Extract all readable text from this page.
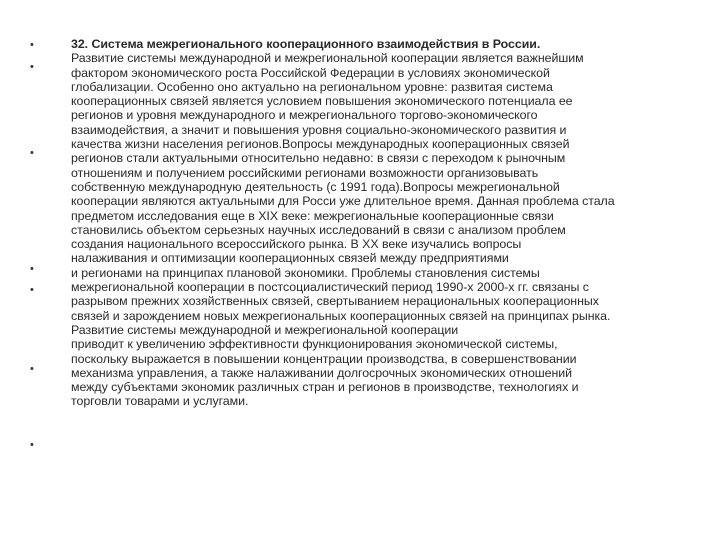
•
•
•
•
•
•
•
32. Система межрегионального кооперационного взаимодействия в России.
Развитие системы международной и межрегиональной кооперации является важнейшим
фактором экономического роста Российской Федерации в условиях экономической
глобализации. Особенно оно актуально на региональном уровне: развитая система
кооперационных связей является условием повышения экономического потенциала ее
регионов и уровня международного и межрегионального торгово-экономического
взаимодействия, а значит и повышения уровня социально-экономического развития и
качества жизни населения регионов.Вопросы международных кооперационных связей
регионов стали актуальными относительно недавно: в связи с переходом к рыночным
отношениям и получением российскими регионами возможности организовывать
собственную международную деятельность (с 1991 года).Вопросы межрегиональной
кооперации являются актуальными для Росси уже длительное время. Данная проблема стала
предметом исследования еще в XIX веке: межрегиональные кооперационные связи
становились объектом серьезных научных исследований в связи с анализом проблем
создания национального всероссийского рынка. В XX веке изучались вопросы
налаживания и оптимизации кооперационных связей между предприятиями
и регионами на принципах плановой экономики. Проблемы становления системы
межрегиональной кооперации в постсоциалистический период 1990-х 2000-х гг. связаны с
разрывом прежних хозяйственных связей, свертыванием нерациональных кооперационных
связей и зарождением новых межрегиональных кооперационных связей на принципах рынка.
Развитие системы международной и межрегиональной кооперации
приводит к увеличению эффективности функционирования экономической системы,
поскольку выражается в повышении концентрации производства, в совершенствовании
механизма управления, а также налаживании долгосрочных экономических отношений
между субъектами экономик различных стран и регионов в производстве, технологиях и
торговли товарами и услугами.
